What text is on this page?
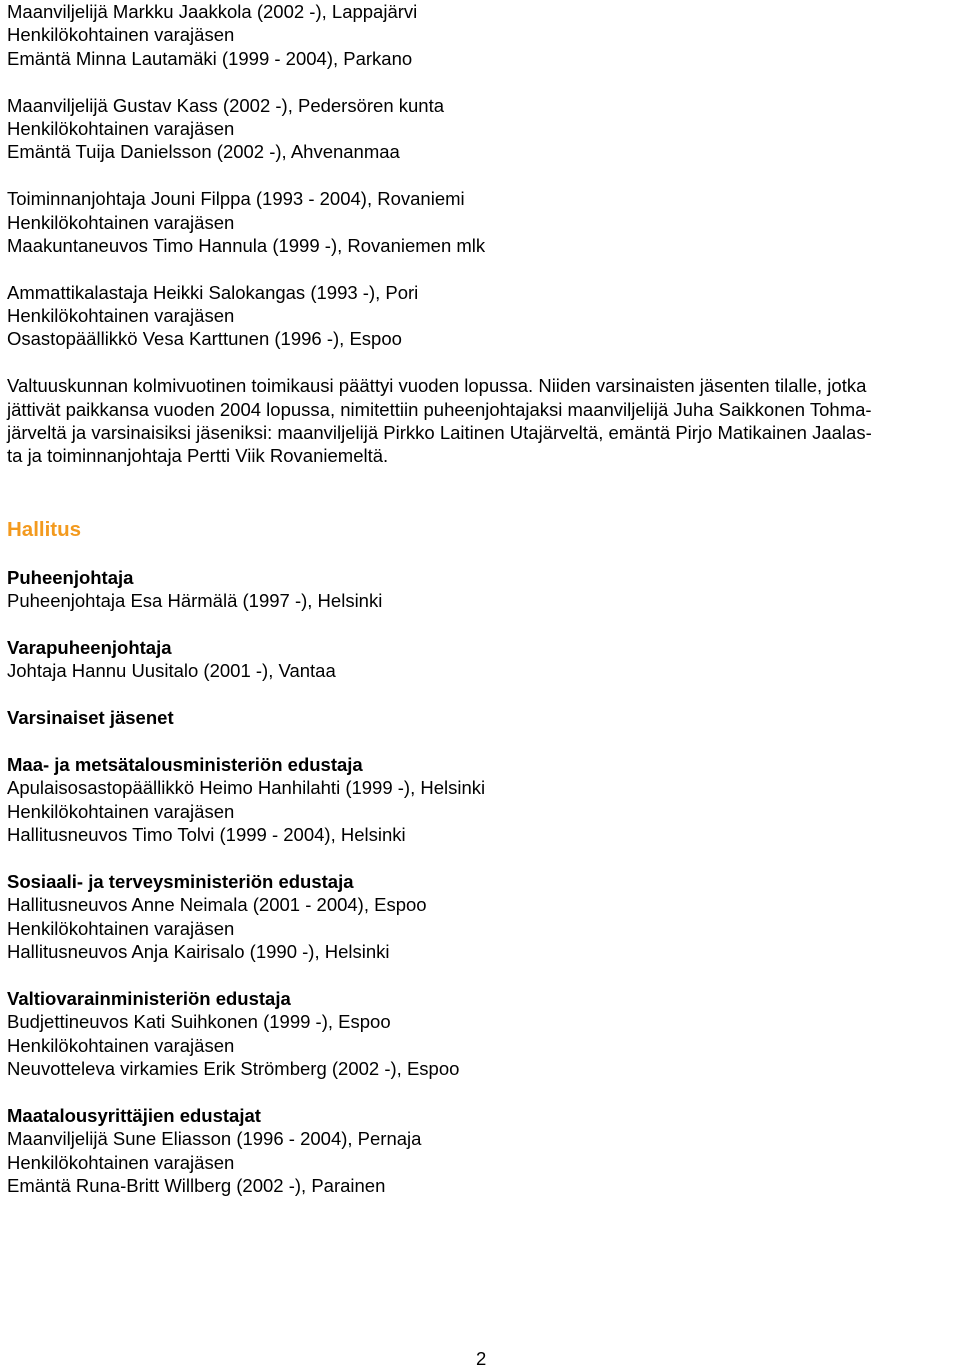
Maanviljelijä Markku Jaakkola (2002 -), Lappajärvi
Henkilökohtainen varajäsen
Emäntä Minna Lautamäki (1999 - 2004), Parkano
Maanviljelijä Gustav Kass (2002 -), Pedersören kunta
Henkilökohtainen varajäsen
Emäntä Tuija Danielsson (2002 -), Ahvenanmaa
Toiminnanjohtaja Jouni Filppa (1993 - 2004), Rovaniemi
Henkilökohtainen varajäsen
Maakuntaneuvos Timo Hannula (1999 -), Rovaniemen mlk
Ammattikalastaja Heikki Salokangas (1993 -), Pori
Henkilökohtainen varajäsen
Osastopäällikkö Vesa Karttunen (1996 -), Espoo
Valtuuskunnan kolmivuotinen toimikausi päättyi vuoden lopussa. Niiden varsinaisten jäsenten tilalle, jotka
jättivät paikkansa vuoden 2004 lopussa, nimitettiin puheenjohtajaksi maanviljelijä Juha Saikkonen Tohma-
järveltä ja varsinaisiksi jäseniksi: maanviljelijä Pirkko Laitinen Utajärveltä, emäntä Pirjo Matikainen Jaalas-
ta ja toiminnanjohtaja Pertti Viik Rovaniemeltä.
Hallitus
Puheenjohtaja
Puheenjohtaja Esa Härmälä (1997 -), Helsinki
Varapuheenjohtaja
Johtaja Hannu Uusitalo (2001 -), Vantaa
Varsinaiset jäsenet
Maa- ja metsätalousministeriön edustaja
Apulaisosastopäällikkö Heimo Hanhilahti (1999 -), Helsinki
Henkilökohtainen varajäsen
Hallitusneuvos Timo Tolvi (1999 - 2004), Helsinki
Sosiaali- ja terveysministeriön edustaja
Hallitusneuvos Anne Neimala (2001 - 2004), Espoo
Henkilökohtainen varajäsen
Hallitusneuvos Anja Kairisalo (1990 -), Helsinki
Valtiovarainministeriön edustaja
Budjettineuvos Kati Suihkonen (1999 -), Espoo
Henkilökohtainen varajäsen
Neuvotteleva virkamies Erik Strömberg (2002 -), Espoo
Maatalousyrittäjien edustajat
Maanviljelijä Sune Eliasson (1996 - 2004), Pernaja
Henkilökohtainen varajäsen
Emäntä Runa-Britt Willberg (2002 -), Parainen
2
